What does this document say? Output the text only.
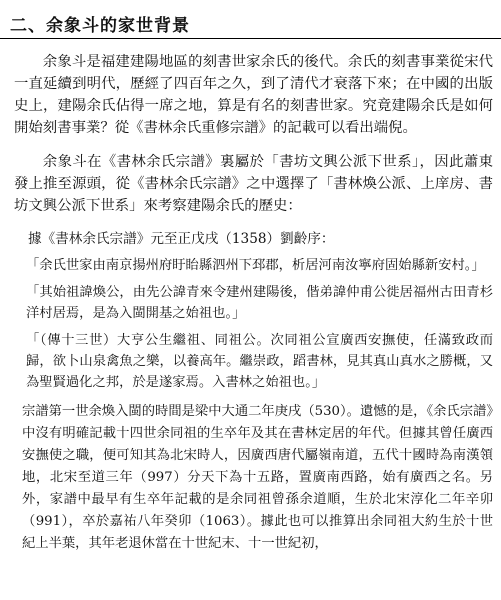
二、余象斗的家世背景

余象斗是福建建陽地區的刻書世家余氏的後代。余氏的刻書事業從宋代一直延續到明代，歷經了四百年之久，到了清代才衰落下來；在中國的出版史上，建陽余氏佔得一席之地，算是有名的刻書世家。究竟建陽余氏是如何開始刻書事業？從《書林余氏重修宗譜》的記載可以看出端倪。

余象斗在《書林余氏宗譜》裏屬於「書坊文興公派下世系」，因此蕭東發上推至源頭，從《書林余氏宗譜》之中選擇了「書林煥公派、上庠房、書坊文興公派下世系」來考察建陽余氏的歷史：

據《書林余氏宗譜》元至正戊戌（1358）劉齡序：

「余氏世家由南京揚州府盱眙縣泗州下邳郡，析居河南汝寧府固始縣新安村。」

「其始祖諱煥公，由先公諱青來令建州建陽後，偕弟諱仲甫公徙居福州古田青杉洋村居焉，是為入閩開基之始祖也。」

「（傳十三世）大亨公生繼祖、同祖公。次同祖公宣廣西安撫使，任滿致政而歸，欲卜山泉禽魚之樂，以養高年。繼崇政，蹈書林，見其真山真水之勝概，又為聖賢過化之邦，於是遂家焉。入書林之始祖也。」

宗譜第一世余煥入閩的時間是梁中大通二年庚戌（530）。遺憾的是，《余氏宗譜》中沒有明確記載十四世余同祖的生卒年及其在書林定居的年代。但據其曾任廣西安撫使之職，便可知其為北宋時人，因廣西唐代屬嶺南道，五代十國時為南漢領地，北宋至道三年（997）分天下為十五路，置廣南西路，始有廣西之名。另外，家譜中最早有生卒年記載的是余同祖曾孫余道順，生於北宋淳化二年辛卯（991），卒於嘉祐八年癸卯（1063）。據此也可以推算出余同祖大約生於十世紀上半葉，其年老退休當在十世紀末、十一世紀初，
